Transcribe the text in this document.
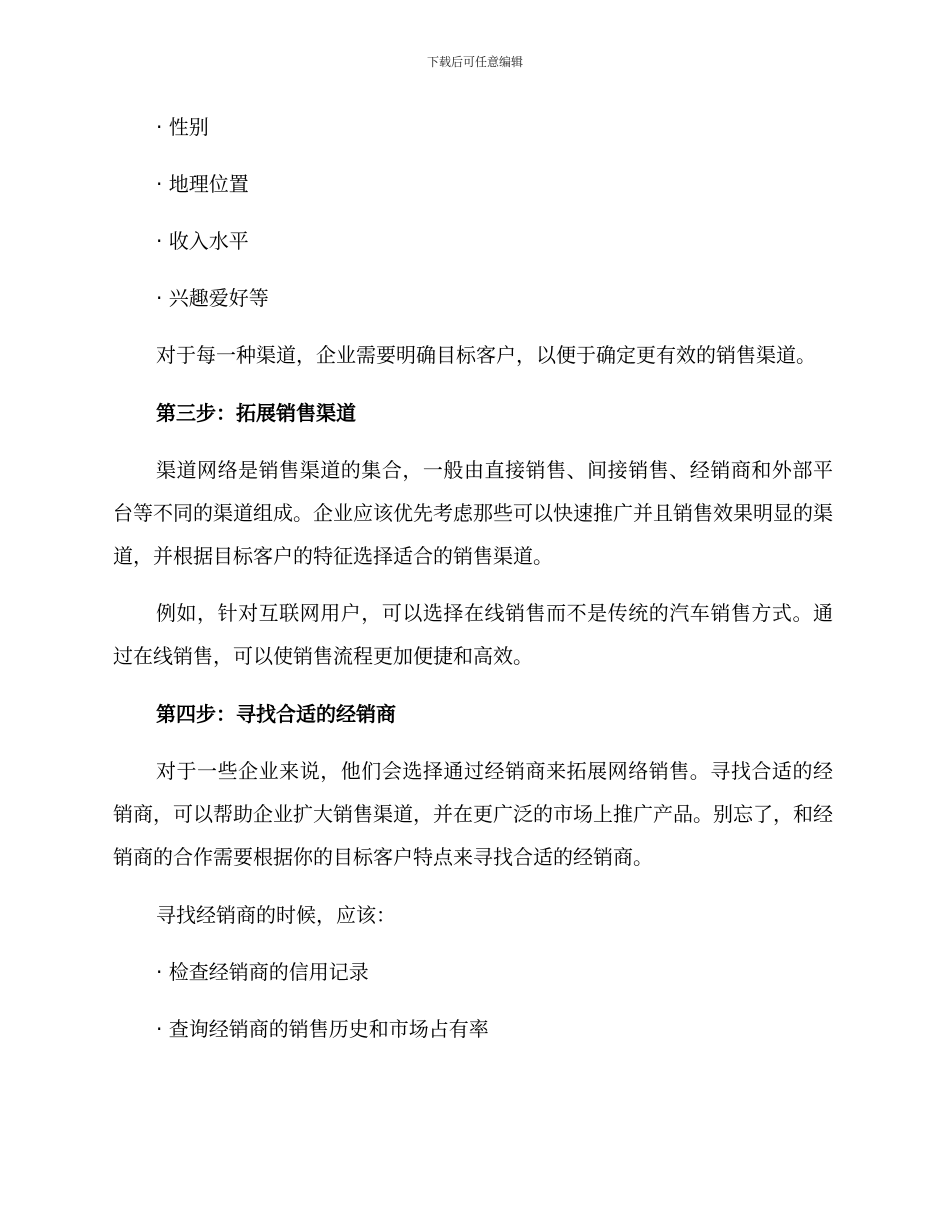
下载后可任意编辑

· 性别

· 地理位置

· 收入水平

· 兴趣爱好等

对于每一种渠道，企业需要明确目标客户，以便于确定更有效的销售渠道。

第三步：拓展销售渠道

渠道网络是销售渠道的集合，一般由直接销售、间接销售、经销商和外部平台等不同的渠道组成。企业应该优先考虑那些可以快速推广并且销售效果明显的渠道，并根据目标客户的特征选择适合的销售渠道。

例如，针对互联网用户，可以选择在线销售而不是传统的汽车销售方式。通过在线销售，可以使销售流程更加便捷和高效。

第四步：寻找合适的经销商

对于一些企业来说，他们会选择通过经销商来拓展网络销售。寻找合适的经销商，可以帮助企业扩大销售渠道，并在更广泛的市场上推广产品。别忘了，和经销商的合作需要根据你的目标客户特点来寻找合适的经销商。

寻找经销商的时候，应该：

· 检查经销商的信用记录

· 查询经销商的销售历史和市场占有率
